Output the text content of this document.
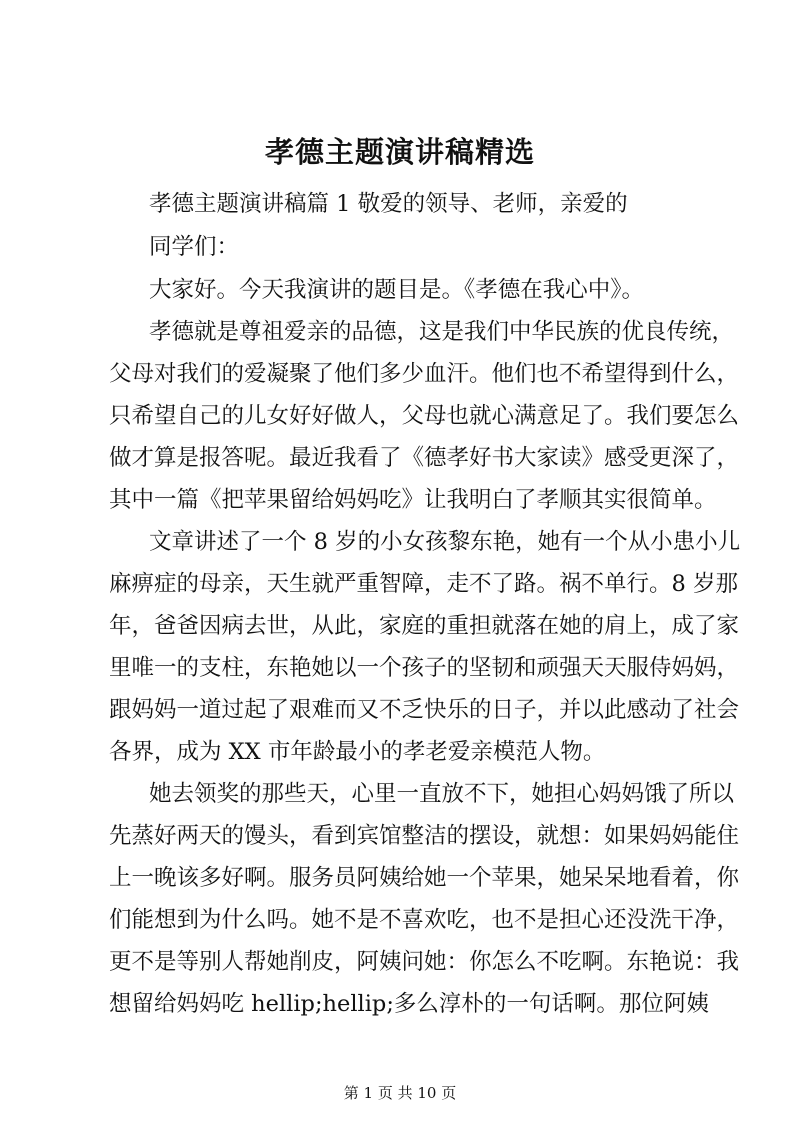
孝德主题演讲稿精选
孝德主题演讲稿篇 1 敬爱的领导、老师，亲爱的
同学们：
大家好。今天我演讲的题目是。《孝德在我心中》。
孝德就是尊祖爱亲的品德，这是我们中华民族的优良传统，
父母对我们的爱凝聚了他们多少血汗。他们也不希望得到什么，
只希望自己的儿女好好做人，父母也就心满意足了。我们要怎么
做才算是报答呢。最近我看了《德孝好书大家读》感受更深了，
其中一篇《把苹果留给妈妈吃》让我明白了孝顺其实很简单。
文章讲述了一个 8 岁的小女孩黎东艳，她有一个从小患小儿
麻痹症的母亲，天生就严重智障，走不了路。祸不单行。8 岁那
年，爸爸因病去世，从此，家庭的重担就落在她的肩上，成了家
里唯一的支柱，东艳她以一个孩子的坚韧和顽强天天服侍妈妈，
跟妈妈一道过起了艰难而又不乏快乐的日子，并以此感动了社会
各界，成为 XX 市年龄最小的孝老爱亲模范人物。
她去领奖的那些天，心里一直放不下，她担心妈妈饿了所以
先蒸好两天的馒头，看到宾馆整洁的摆设，就想：如果妈妈能住
上一晚该多好啊。服务员阿姨给她一个苹果，她呆呆地看着，你
们能想到为什么吗。她不是不喜欢吃，也不是担心还没洗干净，
更不是等别人帮她削皮，阿姨问她：你怎么不吃啊。东艳说：我
想留给妈妈吃 hellip;hellip;多么淳朴的一句话啊。那位阿姨
第 1 页 共 10 页
